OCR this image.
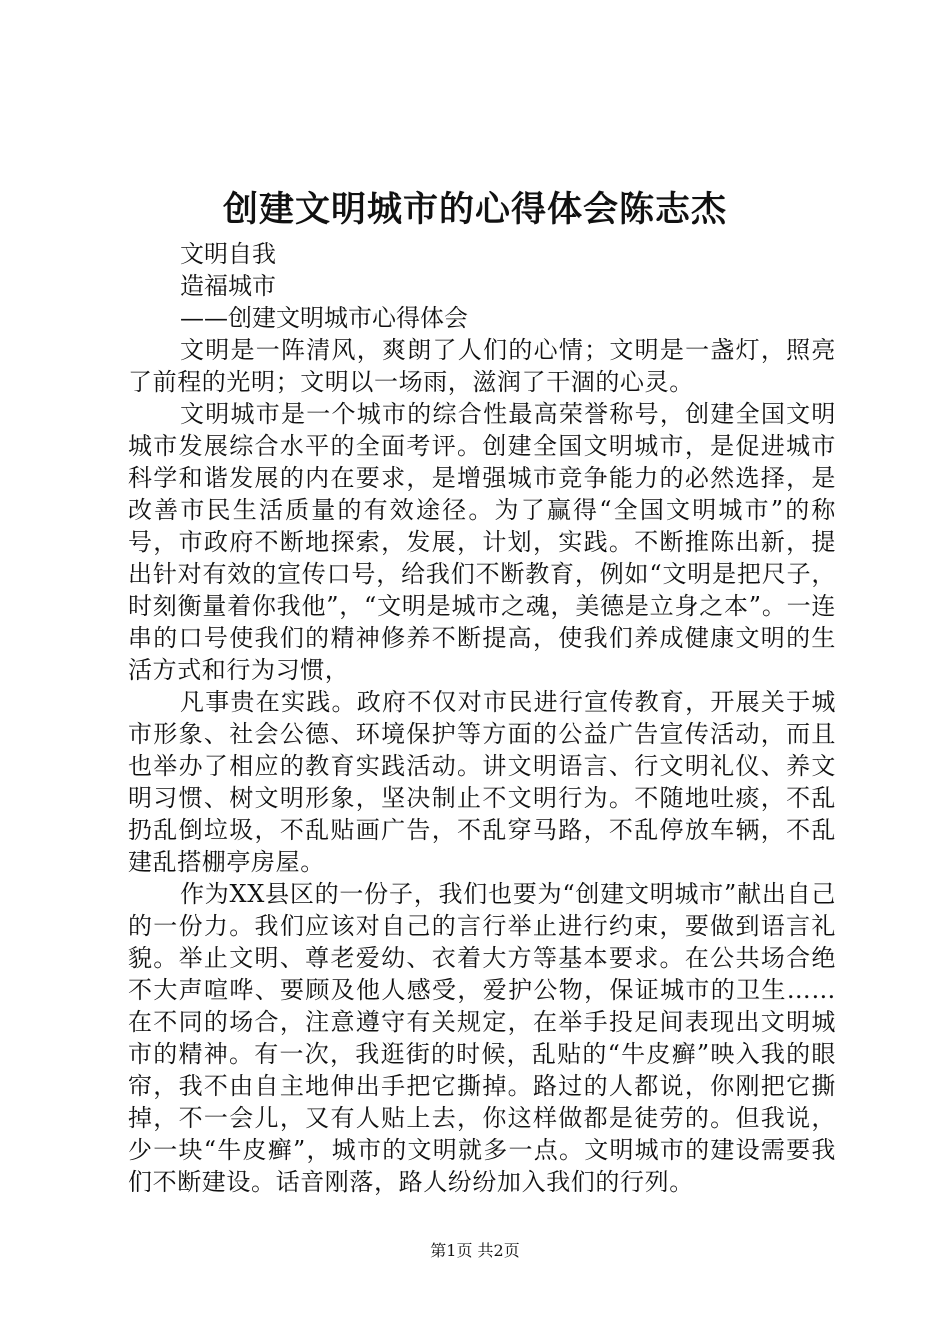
创建文明城市的心得体会陈志杰

文明自我

造福城市

——创建文明城市心得体会

文明是一阵清风，爽朗了人们的心情；文明是一盏灯，照亮了前程的光明；文明以一场雨，滋润了干涸的心灵。

文明城市是一个城市的综合性最高荣誉称号，创建全国文明城市发展综合水平的全面考评。创建全国文明城市，是促进城市科学和谐发展的内在要求，是增强城市竞争能力的必然选择，是改善市民生活质量的有效途径。为了赢得“全国文明城市”的称号，市政府不断地探索，发展，计划，实践。不断推陈出新，提出针对有效的宣传口号，给我们不断教育，例如“文明是把尺子，时刻衡量着你我他”，“文明是城市之魂，美德是立身之本”。一连串的口号使我们的精神修养不断提高，使我们养成健康文明的生活方式和行为习惯，

凡事贵在实践。政府不仅对市民进行宣传教育，开展关于城市形象、社会公德、环境保护等方面的公益广告宣传活动，而且也举办了相应的教育实践活动。讲文明语言、行文明礼仪、养文明习惯、树文明形象，坚决制止不文明行为。不随地吐痰，不乱扔乱倒垃圾，不乱贴画广告，不乱穿马路，不乱停放车辆，不乱建乱搭棚亭房屋。

作为XX县区的一份子，我们也要为“创建文明城市”献出自己的一份力。我们应该对自己的言行举止进行约束，要做到语言礼貌。举止文明、尊老爱幼、衣着大方等基本要求。在公共场合绝不大声喧哗、要顾及他人感受，爱护公物，保证城市的卫生……在不同的场合，注意遵守有关规定，在举手投足间表现出文明城市的精神。有一次，我逛街的时候，乱贴的“牛皮癣”映入我的眼帘，我不由自主地伸出手把它撕掉。路过的人都说，你刚把它撕掉，不一会儿，又有人贴上去，你这样做都是徒劳的。但我说，少一块“牛皮癣”，城市的文明就多一点。文明城市的建设需要我们不断建设。话音刚落，路人纷纷加入我们的行列。

第1页 共2页
